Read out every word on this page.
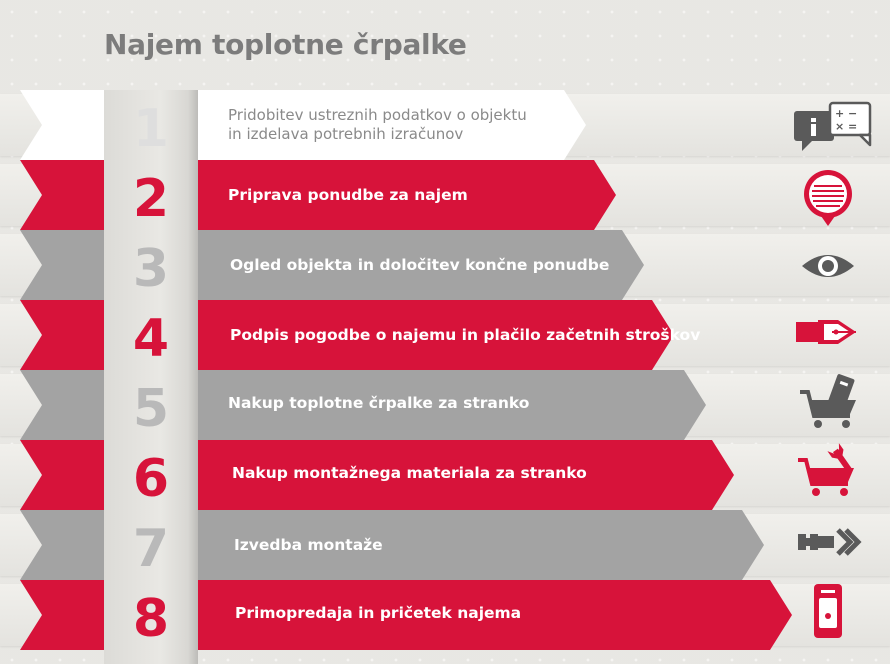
Najem toplotne črpalke
1
2
3
4
5
6
7
8
Pridobitev ustreznih podatkov o objektu
in izdelava potrebnih izračunov
Priprava ponudbe za najem
Ogled objekta in določitev končne ponudbe
Podpis pogodbe o najemu in plačilo začetnih stroškov
Nakup toplotne črpalke za stranko
Nakup montažnega materiala za stranko
Izvedba montaže
Primopredaja in pričetek najema
+ −
× =
